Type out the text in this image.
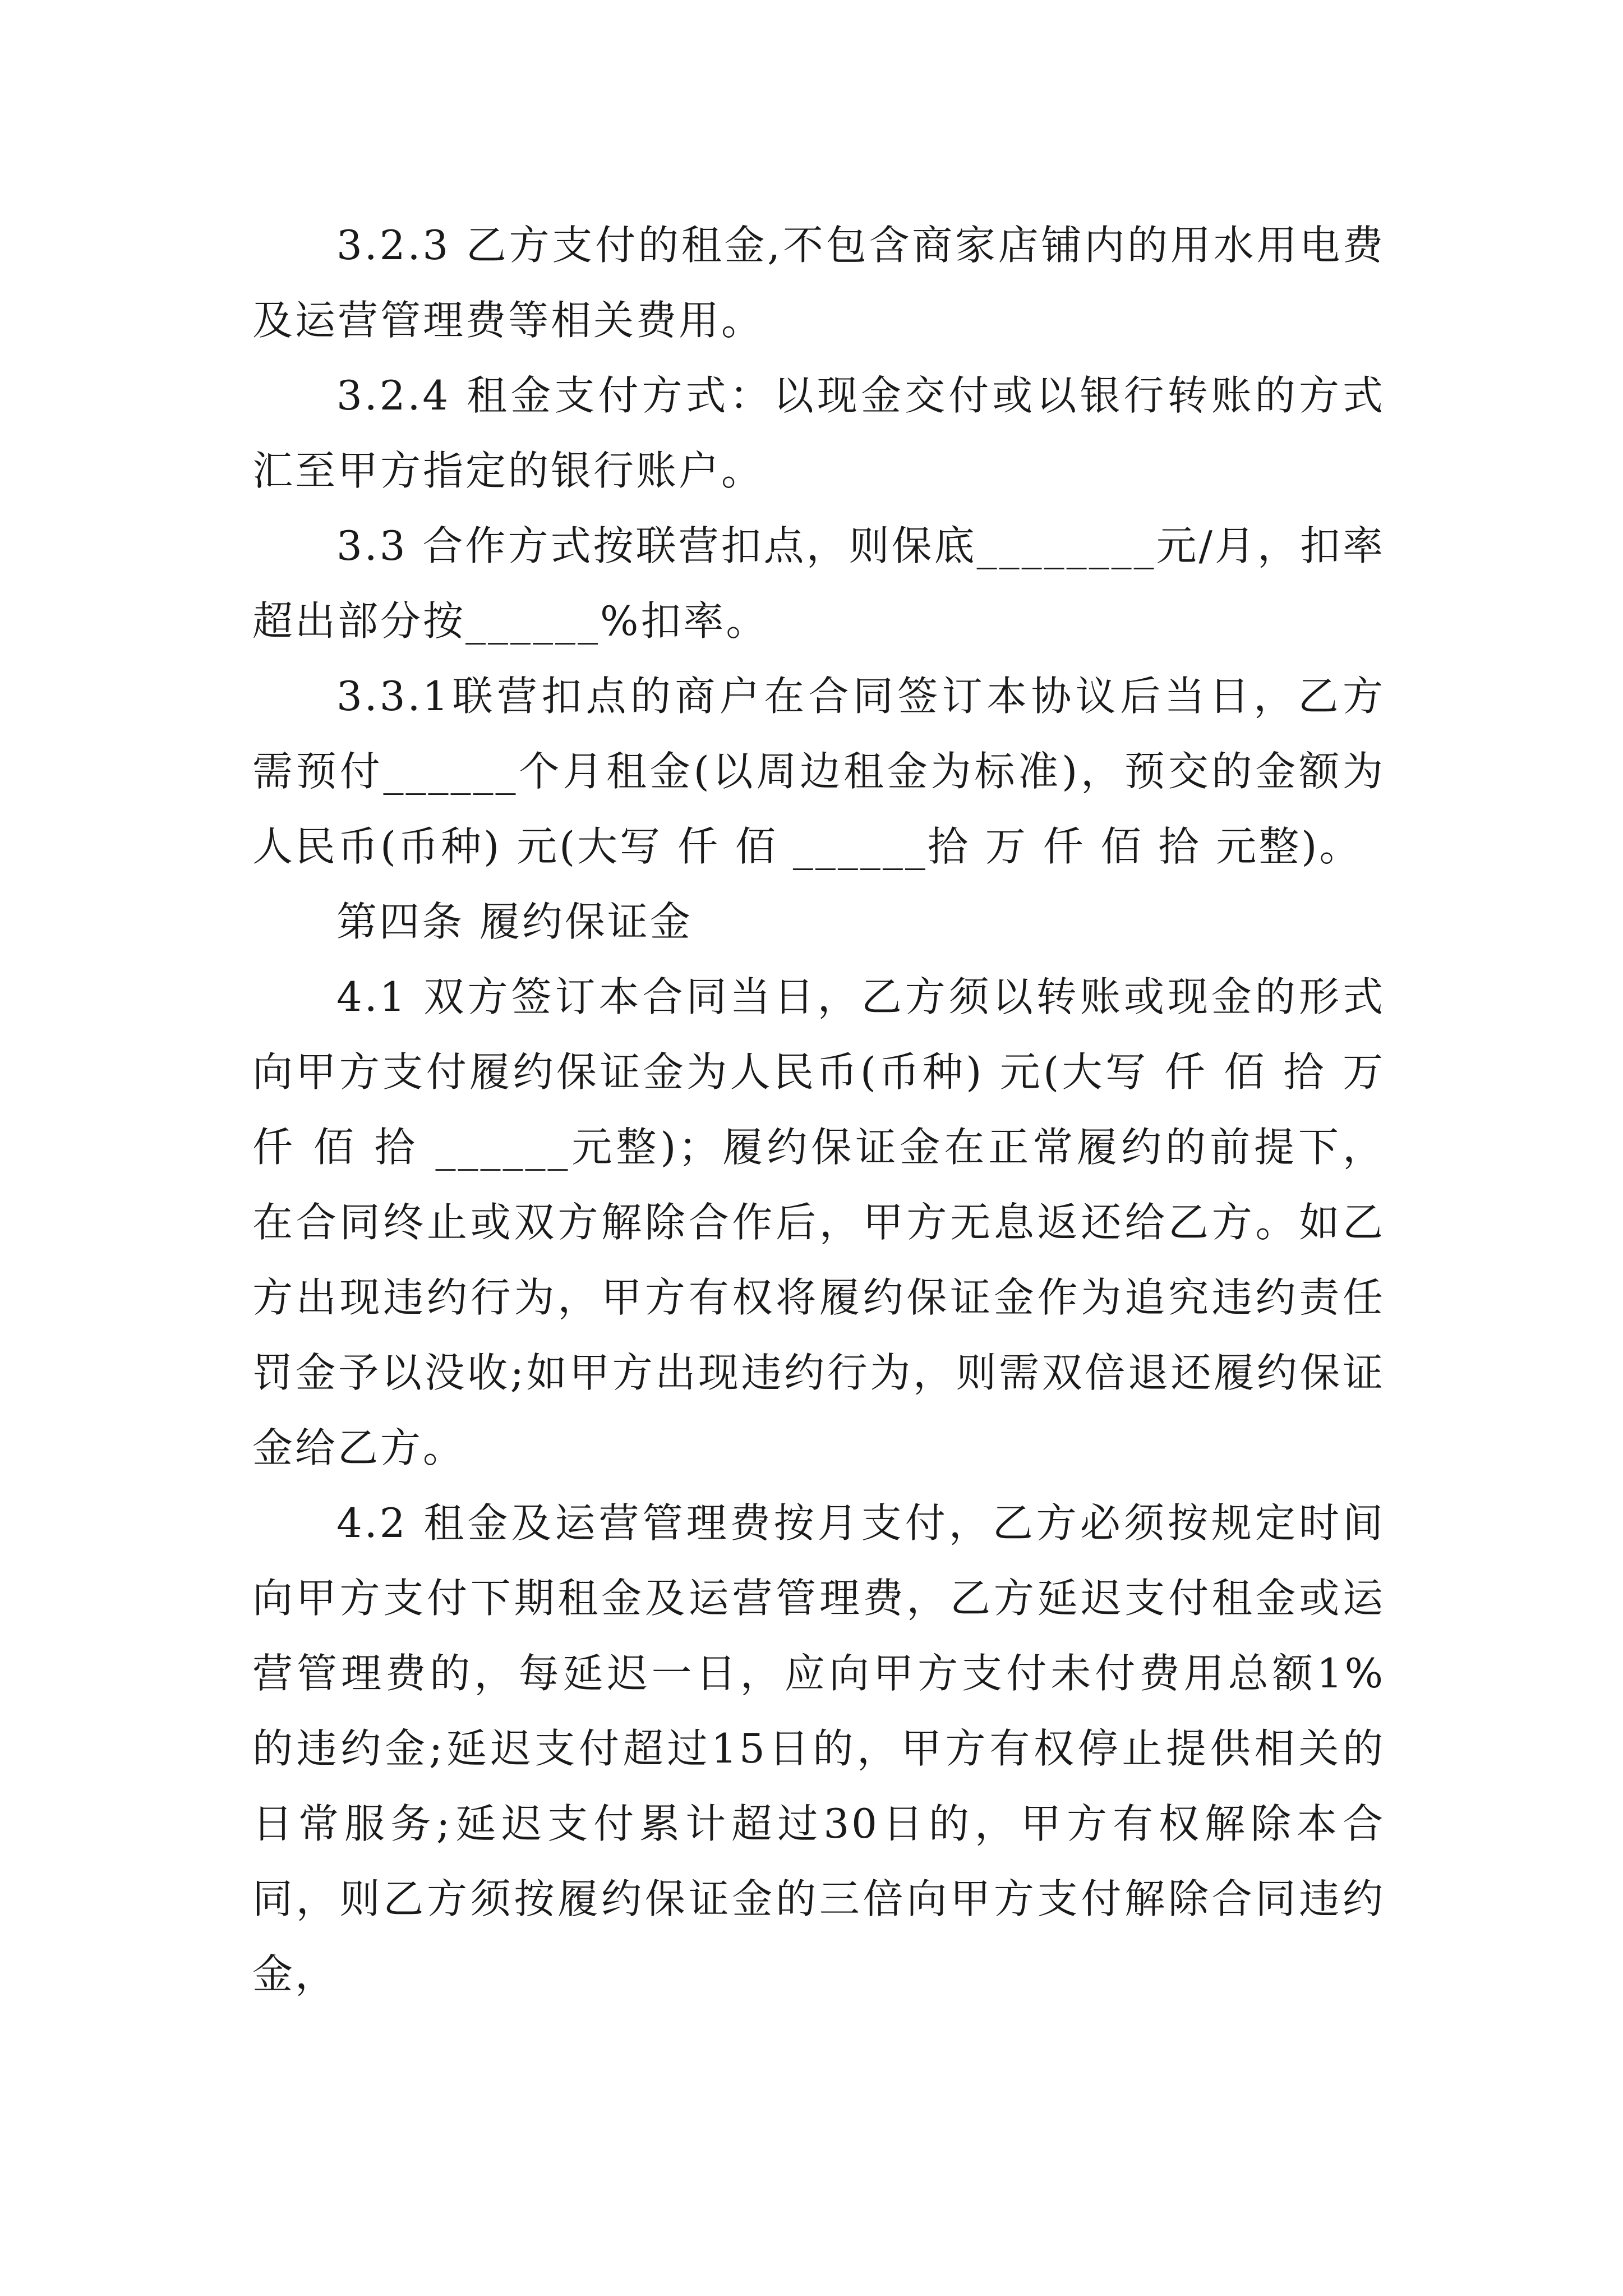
3.2.3 乙方支付的租金,不包含商家店铺内的用水用电费及运营管理费等相关费用。

3.2.4 租金支付方式：以现金交付或以银行转账的方式汇至甲方指定的银行账户。

3.3 合作方式按联营扣点，则保底________元/月，扣率超出部分按______%扣率。

3.3.1联营扣点的商户在合同签订本协议后当日，乙方需预付______个月租金(以周边租金为标准)，预交的金额为人民币(币种) 元(大写 仟 佰 ______拾 万 仟 佰 拾 元整)。

第四条 履约保证金

4.1 双方签订本合同当日，乙方须以转账或现金的形式向甲方支付履约保证金为人民币(币种) 元(大写 仟 佰 拾 万 仟 佰 拾 ______元整)；履约保证金在正常履约的前提下，在合同终止或双方解除合作后，甲方无息返还给乙方。如乙方出现违约行为，甲方有权将履约保证金作为追究违约责任罚金予以没收;如甲方出现违约行为，则需双倍退还履约保证金给乙方。

4.2 租金及运营管理费按月支付，乙方必须按规定时间向甲方支付下期租金及运营管理费，乙方延迟支付租金或运营管理费的，每延迟一日，应向甲方支付未付费用总额1%的违约金;延迟支付超过15日的，甲方有权停止提供相关的日常服务;延迟支付累计超过30日的，甲方有权解除本合同，则乙方须按履约保证金的三倍向甲方支付解除合同违约金，
